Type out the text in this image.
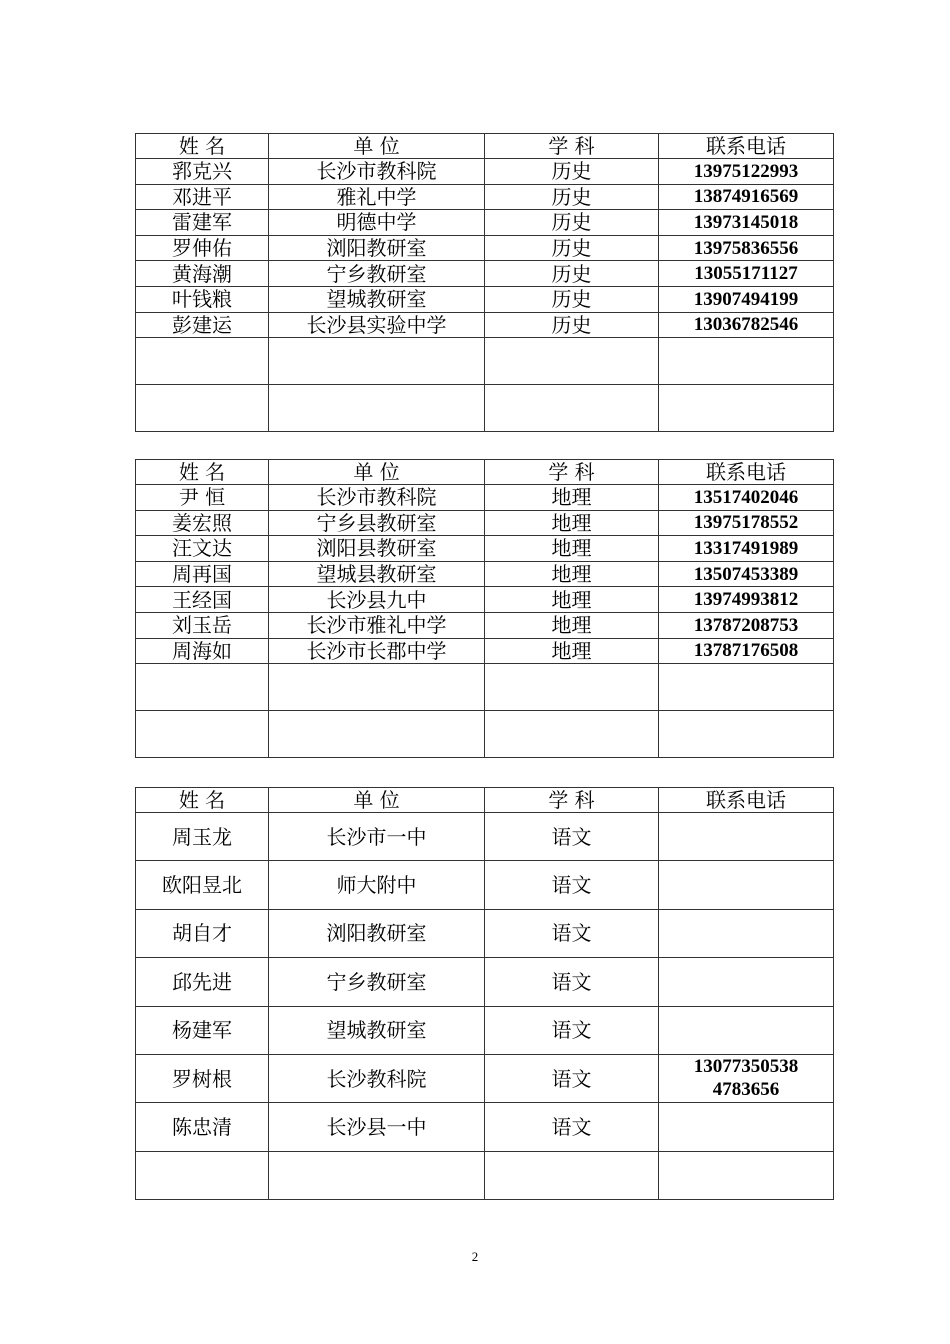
姓 名	单 位	学 科	联系电话
郛克兴	长沙市教科院	历史	13975122993
邓进平	雅礼中学	历史	13874916569
雷建军	明德中学	历史	13973145018
罗伸佑	浏阳教研室	历史	13975836556
黄海潮	宁乡教研室	历史	13055171127
叶钱粮	望城教研室	历史	13907494199
彭建运	长沙县实验中学	历史	13036782546

姓 名	单 位	学 科	联系电话
尹 恒	长沙市教科院	地理	13517402046
姜宏照	宁乡县教研室	地理	13975178552
汪文达	浏阳县教研室	地理	13317491989
周再国	望城县教研室	地理	13507453389
王经国	长沙县九中	地理	13974993812
刘玉岳	长沙市雅礼中学	地理	13787208753
周海如	长沙市长郡中学	地理	13787176508

姓 名	单 位	学 科	联系电话
周玉龙	长沙市一中	语文	
欧阳昱北	师大附中	语文	
胡自才	浏阳教研室	语文	
邱先进	宁乡教研室	语文	
杨建军	望城教研室	语文	
罗树根	长沙教科院	语文	13077350538
4783656

陈忠清	长沙县一中	语文	

2
